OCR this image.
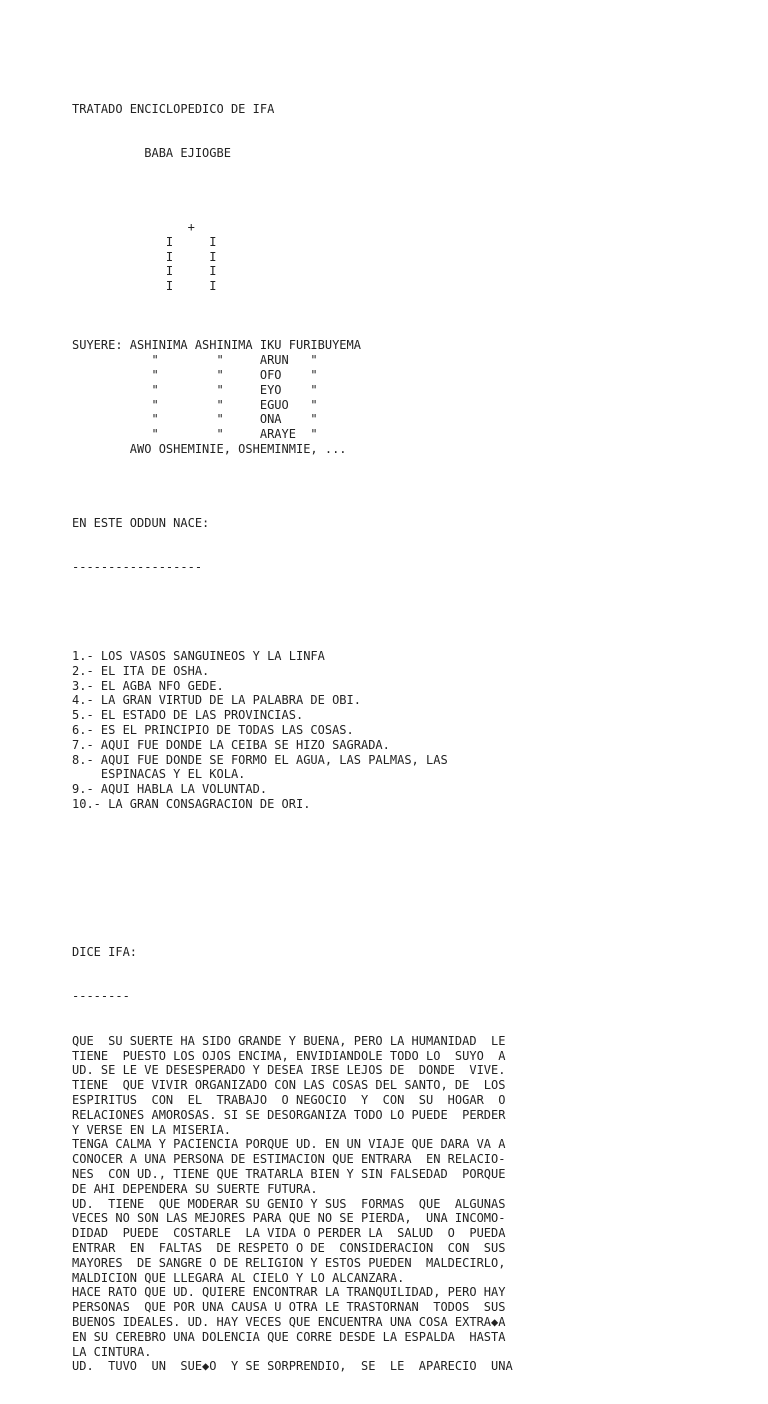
TRATADO ENCICLOPEDICO DE IFA

BABA EJIOGBE

+
I     I
I     I
I     I
I     I

SUYERE: ASHINIMA ASHINIMA IKU FURIBUYEMA
"        "     ARUN   "
"        "     OFO    "
"        "     EYO    "
"        "     EGUO   "
"        "     ONA    "
"        "     ARAYE  "
AWO OSHEMINIE, OSHEMINMIE, ...

EN ESTE ODDUN NACE:

------------------

1.- LOS VASOS SANGUINEOS Y LA LINFA
2.- EL ITA DE OSHA.
3.- EL AGBA NFO GEDE.
4.- LA GRAN VIRTUD DE LA PALABRA DE OBI.
5.- EL ESTADO DE LAS PROVINCIAS.
6.- ES EL PRINCIPIO DE TODAS LAS COSAS.
7.- AQUI FUE DONDE LA CEIBA SE HIZO SAGRADA.
8.- AQUI FUE DONDE SE FORMO EL AGUA, LAS PALMAS, LAS
ESPINACAS Y EL KOLA.
9.- AQUI HABLA LA VOLUNTAD.
10.- LA GRAN CONSAGRACION DE ORI.

DICE IFA:

--------

QUE  SU SUERTE HA SIDO GRANDE Y BUENA, PERO LA HUMANIDAD  LE
TIENE  PUESTO LOS OJOS ENCIMA, ENVIDIANDOLE TODO LO  SUYO  A
UD. SE LE VE DESESPERADO Y DESEA IRSE LEJOS DE  DONDE  VIVE.
TIENE  QUE VIVIR ORGANIZADO CON LAS COSAS DEL SANTO, DE  LOS
ESPIRITUS  CON  EL  TRABAJO  O NEGOCIO  Y  CON  SU  HOGAR  O
RELACIONES AMOROSAS. SI SE DESORGANIZA TODO LO PUEDE  PERDER
Y VERSE EN LA MISERIA.
TENGA CALMA Y PACIENCIA PORQUE UD. EN UN VIAJE QUE DARA VA A
CONOCER A UNA PERSONA DE ESTIMACION QUE ENTRARA  EN RELACIO-
NES  CON UD., TIENE QUE TRATARLA BIEN Y SIN FALSEDAD  PORQUE
DE AHI DEPENDERA SU SUERTE FUTURA.
UD.  TIENE  QUE MODERAR SU GENIO Y SUS  FORMAS  QUE  ALGUNAS
VECES NO SON LAS MEJORES PARA QUE NO SE PIERDA,  UNA INCOMO-
DIDAD  PUEDE  COSTARLE  LA VIDA O PERDER LA  SALUD  O  PUEDA
ENTRAR  EN  FALTAS  DE RESPETO O DE  CONSIDERACION  CON  SUS
MAYORES  DE SANGRE O DE RELIGION Y ESTOS PUEDEN  MALDECIRLO,
MALDICION QUE LLEGARA AL CIELO Y LO ALCANZARA.
HACE RATO QUE UD. QUIERE ENCONTRAR LA TRANQUILIDAD, PERO HAY
PERSONAS  QUE POR UNA CAUSA U OTRA LE TRASTORNAN  TODOS  SUS
BUENOS IDEALES. UD. HAY VECES QUE ENCUENTRA UNA COSA EXTRA◆A
EN SU CEREBRO UNA DOLENCIA QUE CORRE DESDE LA ESPALDA  HASTA
LA CINTURA.
UD.  TUVO  UN  SUE◆O  Y SE SORPRENDIO,  SE  LE  APARECIO  UNA
